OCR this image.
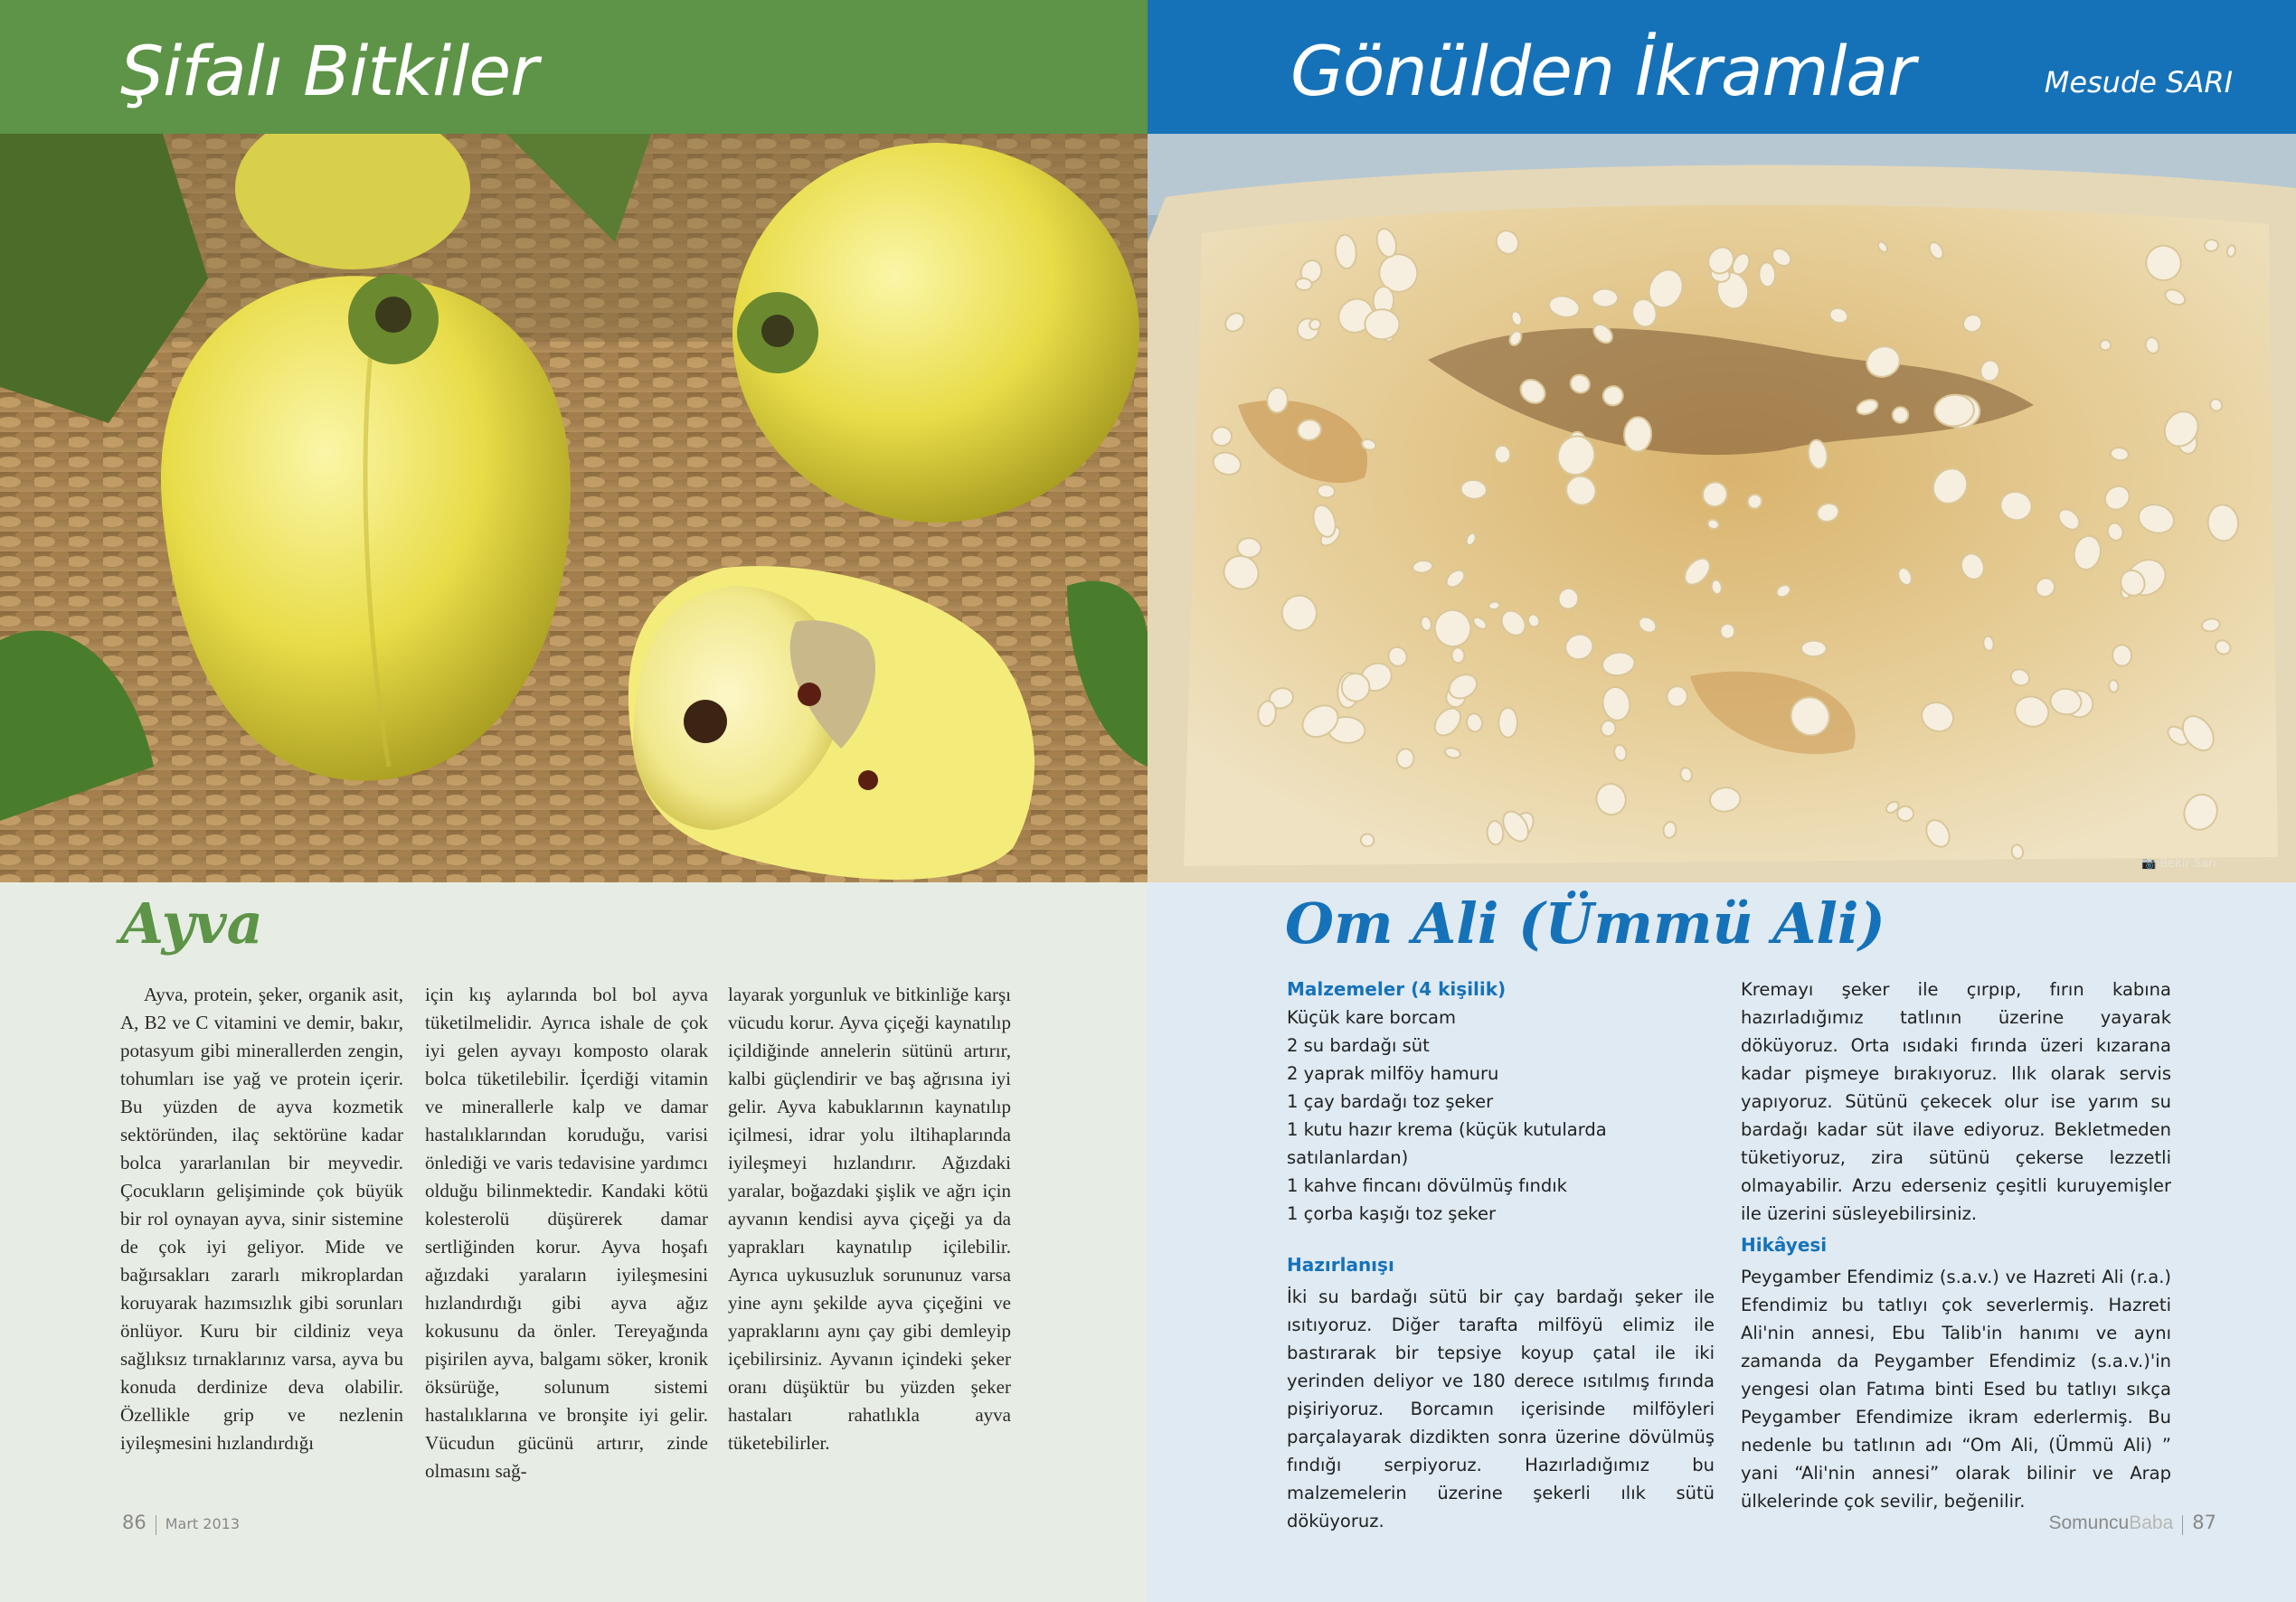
Şifalı Bitkiler
Ayva

Ayva, protein, şeker, organik asit, A, B2 ve C vitamini ve demir, bakır, potasyum gibi minerallerden zengin, tohumları ise yağ ve protein içerir. Bu yüzden de ayva kozmetik sektöründen, ilaç sektörüne kadar bolca yararlanılan bir meyvedir. Çocukların gelişiminde çok büyük bir rol oynayan ayva, sinir sistemine de çok iyi geliyor. Mide ve bağırsakları zararlı mikroplardan koruyarak hazımsızlık gibi sorunları önlüyor. Kuru bir cildiniz veya sağlıksız tırnaklarınız varsa, ayva bu konuda derdinize deva olabilir. Özellikle grip ve nezlenin iyileşmesini hızlandırdığı

için kış aylarında bol bol ayva tüketilmelidir. Ayrıca ishale de çok iyi gelen ayvayı komposto olarak bolca tüketilebilir. İçerdiği vitamin ve minerallerle kalp ve damar hastalıklarından koruduğu, varisi önlediği ve varis tedavisine yardımcı olduğu bilinmektedir. Kandaki kötü kolesterolü düşürerek damar sertliğinden korur. Ayva hoşafı ağızdaki yaraların iyileşmesini hızlandırdığı gibi ayva ağız kokusunu da önler. Tereyağında pişirilen ayva, balgamı söker, kronik öksürüğe, solunum sistemi hastalıklarına ve bronşite iyi gelir. Vücudun gücünü artırır, zinde olmasını sağ-

layarak yorgunluk ve bitkinliğe karşı vücudu korur. Ayva çiçeği kaynatılıp içildiğinde annelerin sütünü artırır, kalbi güçlendirir ve baş ağrısına iyi gelir. Ayva kabuklarının kaynatılıp içilmesi, idrar yolu iltihaplarında iyileşmeyi hızlandırır. Ağızdaki yaralar, boğazdaki şişlik ve ağrı için ayvanın kendisi ayva çiçeği ya da yaprakları kaynatılıp içilebilir. Ayrıca uykusuzluk sorununuz varsa yine aynı şekilde ayva çiçeğini ve yapraklarını aynı çay gibi demleyip içebilirsiniz. Ayvanın içindeki şeker oranı düşüktür bu yüzden şeker hastaları rahatlıkla ayva tüketebilirler.

86 Mart 2013
Gönülden İkramlar	Mesude SARI
📷 Bekir Sarı
Om Ali (Ümmü Ali)
Malzemeler (4 kişilik)
Küçük kare borcam
2 su bardağı süt
2 yaprak milföy hamuru
1 çay bardağı toz şeker
1 kutu hazır krema (küçük kutularda satılanlardan)
1 kahve fincanı dövülmüş fındık
1 çorba kaşığı toz şeker
Hazırlanışı

İki su bardağı sütü bir çay bardağı şeker ile ısıtıyoruz. Diğer tarafta milföyü elimiz ile bastırarak bir tepsiye koyup çatal ile iki yerinden deliyor ve 180 derece ısıtılmış fırında pişiriyoruz. Borcamın içerisinde milföyleri parçalayarak dizdikten sonra üzerine dövülmüş fındığı serpiyoruz. Hazırladığımız bu malzemelerin üzerine şekerli ılık sütü döküyoruz.

Kremayı şeker ile çırpıp, fırın kabına hazırladığımız tatlının üzerine yayarak döküyoruz. Orta ısıdaki fırında üzeri kızarana kadar pişmeye bırakıyoruz. Ilık olarak servis yapıyoruz. Sütünü çekecek olur ise yarım su bardağı kadar süt ilave ediyoruz. Bekletmeden tüketiyoruz, zira sütünü çekerse lezzetli olmayabilir. Arzu ederseniz çeşitli kuruyemişler ile üzerini süsleyebilirsiniz.

Hikâyesi

Peygamber Efendimiz (s.a.v.) ve Hazreti Ali (r.a.) Efendimiz bu tatlıyı çok severlermiş. Hazreti Ali'nin annesi, Ebu Talib'in hanımı ve aynı zamanda da Peygamber Efendimiz (s.a.v.)'in yengesi olan Fatıma binti Esed bu tatlıyı sıkça Peygamber Efendimize ikram ederlermiş. Bu nedenle bu tatlının adı “Om Ali, (Ümmü Ali) ” yani “Ali'nin annesi” olarak bilinir ve Arap ülkelerinde çok sevilir, beğenilir.

SomuncuBaba 87
